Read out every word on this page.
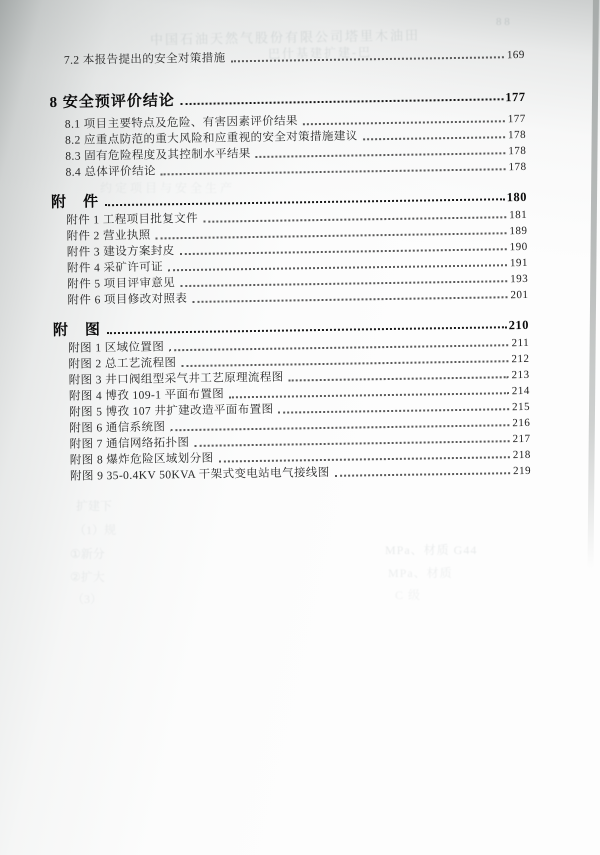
中国石油天然气股份有限公司塔里木油田
巴什基建扩建-巴
8 8
约定项目与安全生产
扩建下
（1）规
①新分
②扩大
（3）
MPa、材质 G44
MPa、材质
C 级
7.2 本报告提出的安全对策措施	169
8 安全预评价结论	177
8.1 项目主要特点及危险、有害因素评价结果	177
8.2 应重点防范的重大风险和应重视的安全对策措施建议	178
8.3 固有危险程度及其控制水平结果	178
8.4 总体评价结论	178
附　件	180
附件 1 工程项目批复文件	181
附件 2 营业执照	189
附件 3 建设方案封皮	190
附件 4 采矿许可证	191
附件 5 项目评审意见	193
附件 6 项目修改对照表	201
附　图	210
附图 1 区域位置图	211
附图 2 总工艺流程图	212
附图 3 井口阀组型采气井工艺原理流程图	213
附图 4 博孜 109-1 平面布置图	214
附图 5 博孜 107 井扩建改造平面布置图	215
附图 6 通信系统图	216
附图 7 通信网络拓扑图	217
附图 8 爆炸危险区域划分图	218
附图 9 35-0.4KV 50KVA 干架式变电站电气接线图	219
